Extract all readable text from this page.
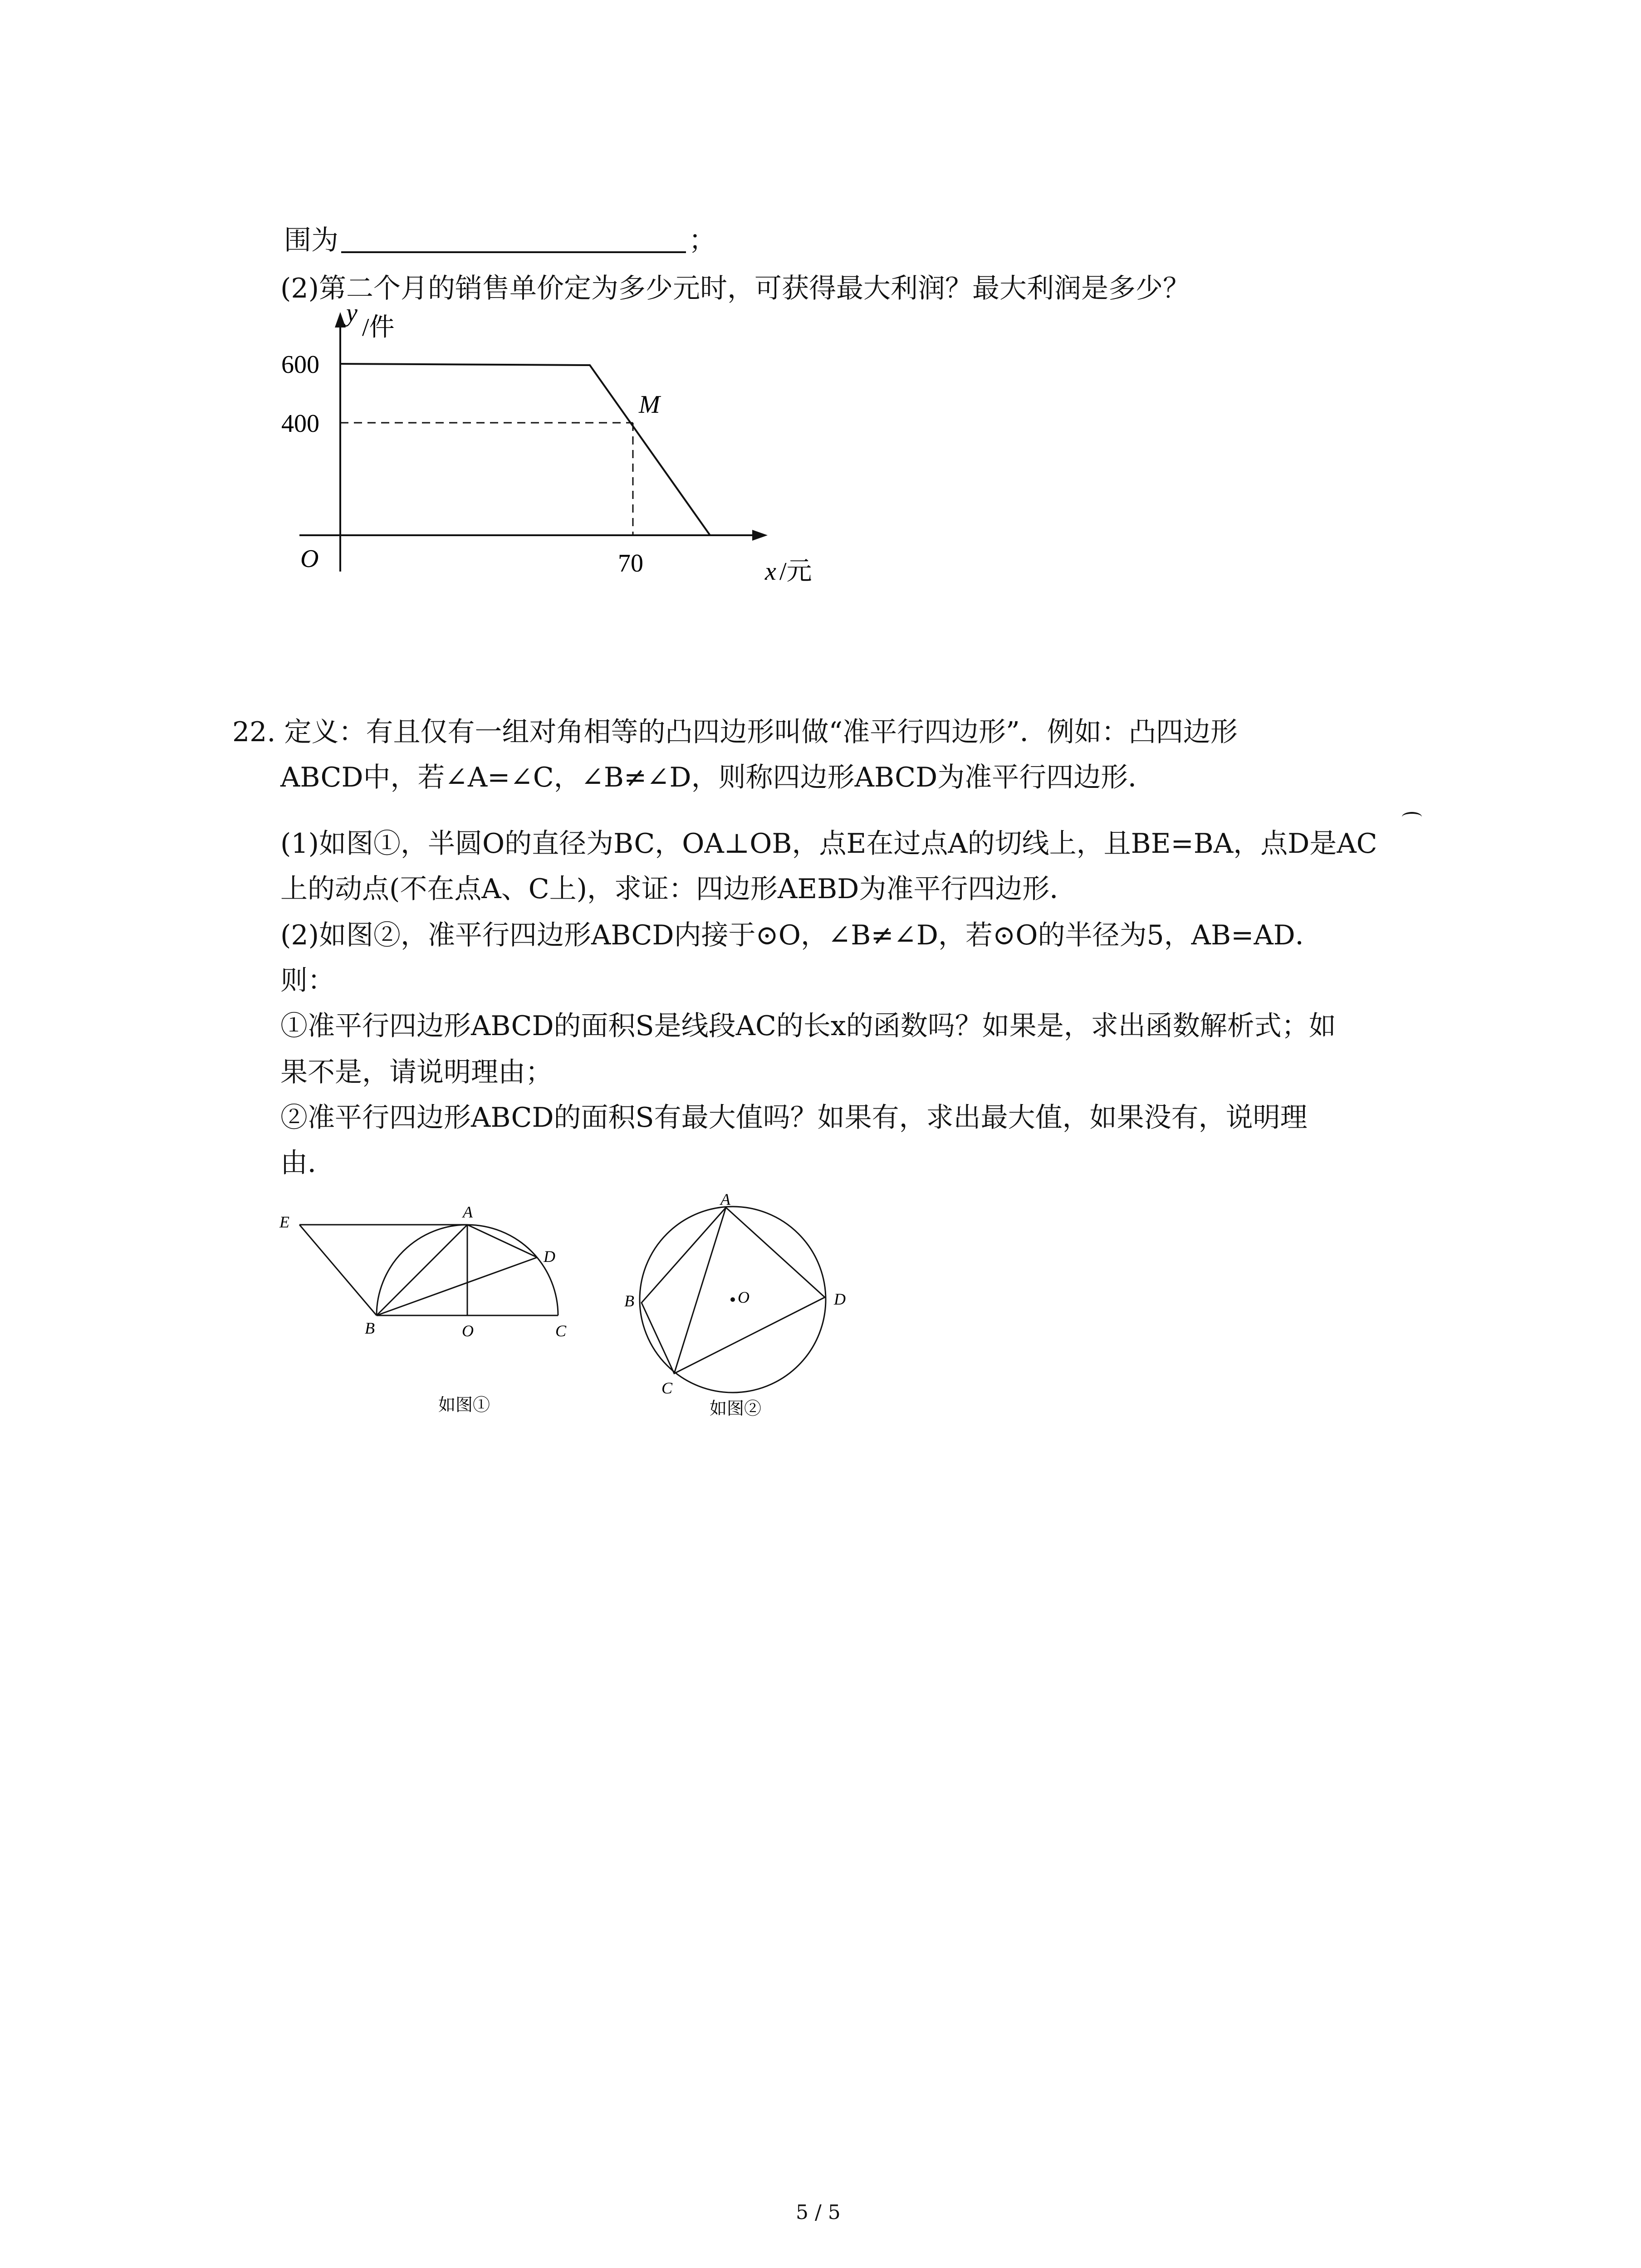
围为	；
(2)第二个月的销售单价定为多少元时，可获得最大利润？最大利润是多少？
y
/件
600
400
O	70	x /元
M
22. 定义：有且仅有一组对角相等的凸四边形叫做“准平行四边形”．例如：凸四边形
ABCD中，若∠A=∠C，∠B≠∠D，则称四边形ABCD为准平行四边形．
(1)如图①，半圆O的直径为BC，OA⊥OB，点E在过点A的切线上，且BE=BA，点D是AC
上的动点(不在点A、C上)，求证：四边形AEBD为准平行四边形．
(2)如图②，准平行四边形ABCD内接于⊙O，∠B≠∠D，若⊙O的半径为5，AB=AD．
则：
①准平行四边形ABCD的面积S是线段AC的长x的函数吗？如果是，求出函数解析式；如
果不是，请说明理由；
②准平行四边形ABCD的面积S有最大值吗？如果有，求出最大值，如果没有，说明理
由．
E
A
D
B	O	C
如图①
A
B
C
D
O
如图②
5 / 5
